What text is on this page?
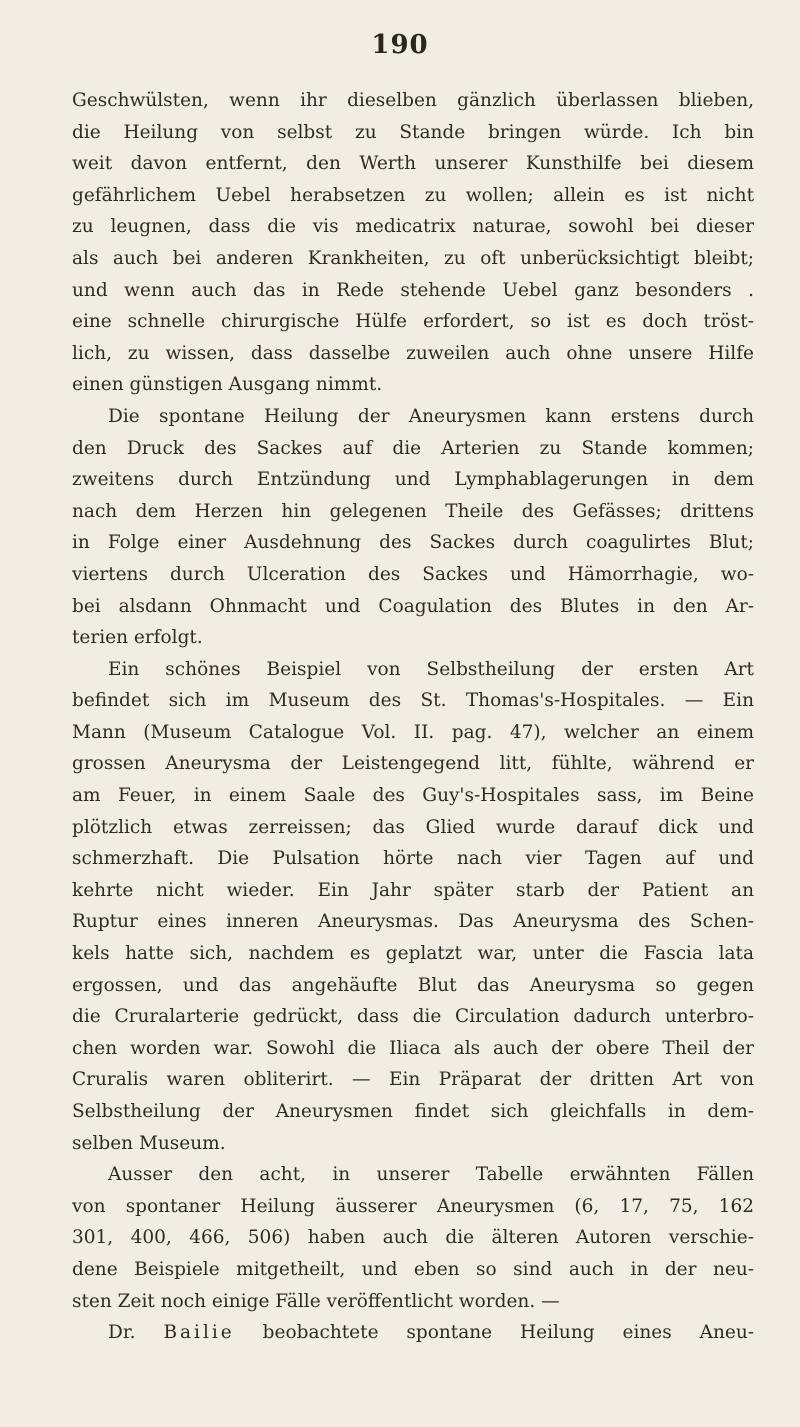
190
Geschwülsten, wenn ihr dieselben gänzlich überlassen blieben,
die Heilung von selbst zu Stande bringen würde. Ich bin
weit davon entfernt, den Werth unserer Kunsthilfe bei diesem
gefährlichem Uebel herabsetzen zu wollen; allein es ist nicht
zu leugnen, dass die vis medicatrix naturae, sowohl bei dieser
als auch bei anderen Krankheiten, zu oft unberücksichtigt bleibt;
und wenn auch das in Rede stehende Uebel ganz besonders .
eine schnelle chirurgische Hülfe erfordert, so ist es doch tröst-
lich, zu wissen, dass dasselbe zuweilen auch ohne unsere Hilfe
einen günstigen Ausgang nimmt.
Die spontane Heilung der Aneurysmen kann erstens durch
den Druck des Sackes auf die Arterien zu Stande kommen;
zweitens durch Entzündung und Lymphablagerungen in dem
nach dem Herzen hin gelegenen Theile des Gefässes; drittens
in Folge einer Ausdehnung des Sackes durch coagulirtes Blut;
viertens durch Ulceration des Sackes und Hämorrhagie, wo-
bei alsdann Ohnmacht und Coagulation des Blutes in den Ar-
terien erfolgt.
Ein schönes Beispiel von Selbstheilung der ersten Art
befindet sich im Museum des St. Thomas's-Hospitales. — Ein
Mann (Museum Catalogue Vol. II. pag. 47), welcher an einem
grossen Aneurysma der Leistengegend litt, fühlte, während er
am Feuer, in einem Saale des Guy's-Hospitales sass, im Beine
plötzlich etwas zerreissen; das Glied wurde darauf dick und
schmerzhaft. Die Pulsation hörte nach vier Tagen auf und
kehrte nicht wieder. Ein Jahr später starb der Patient an
Ruptur eines inneren Aneurysmas. Das Aneurysma des Schen-
kels hatte sich, nachdem es geplatzt war, unter die Fascia lata
ergossen, und das angehäufte Blut das Aneurysma so gegen
die Cruralarterie gedrückt, dass die Circulation dadurch unterbro-
chen worden war. Sowohl die Iliaca als auch der obere Theil der
Cruralis waren obliterirt. — Ein Präparat der dritten Art von
Selbstheilung der Aneurysmen findet sich gleichfalls in dem-
selben Museum.
Ausser den acht, in unserer Tabelle erwähnten Fällen
von spontaner Heilung äusserer Aneurysmen (6, 17, 75, 162
301, 400, 466, 506) haben auch die älteren Autoren verschie-
dene Beispiele mitgetheilt, und eben so sind auch in der neu-
sten Zeit noch einige Fälle veröffentlicht worden. —
Dr. Bailie beobachtete spontane Heilung eines Aneu-
